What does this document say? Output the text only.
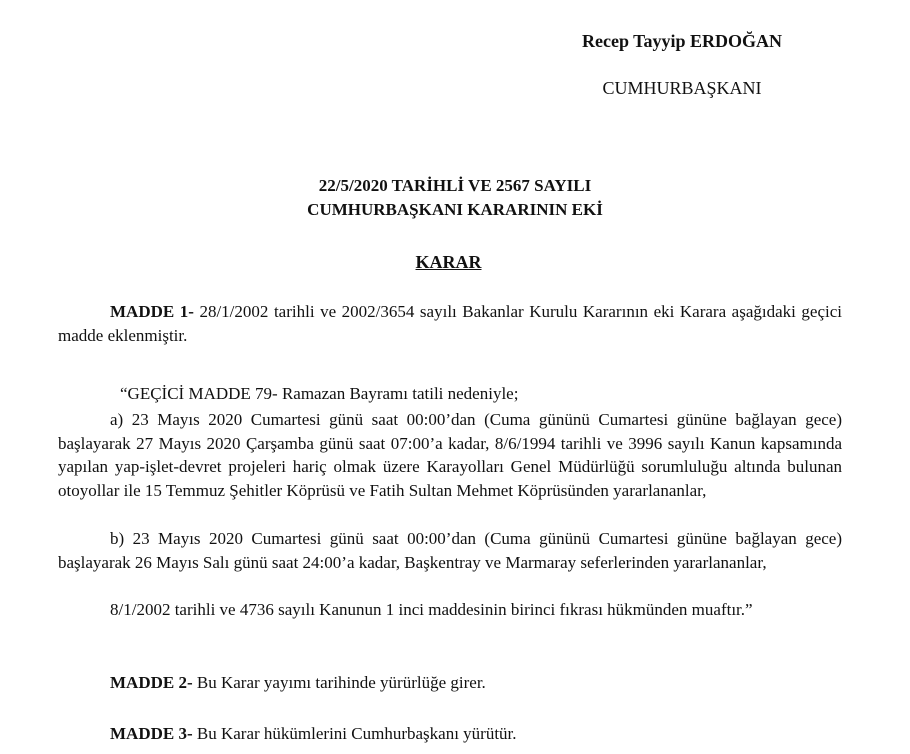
Recep Tayyip ERDOĞAN
CUMHURBAŞKANI
22/5/2020 TARİHLİ VE 2567 SAYILI
CUMHURBAŞKANI KARARININ EKİ
KARAR

MADDE 1- 28/1/2002 tarihli ve 2002/3654 sayılı Bakanlar Kurulu Kararının eki Karara aşağıdaki geçici madde eklenmiştir.

“GEÇİCİ MADDE 79- Ramazan Bayramı tatili nedeniyle;

a) 23 Mayıs 2020 Cumartesi günü saat 00:00’dan (Cuma gününü Cumartesi gününe bağlayan gece) başlayarak 27 Mayıs 2020 Çarşamba günü saat 07:00’a kadar, 8/6/1994 tarihli ve 3996 sayılı Kanun kapsamında yapılan yap-işlet-devret projeleri hariç olmak üzere Karayolları Genel Müdürlüğü sorumluluğu altında bulunan otoyollar ile 15 Temmuz Şehitler Köprüsü ve Fatih Sultan Mehmet Köprüsünden yararlananlar,

b) 23 Mayıs 2020 Cumartesi günü saat 00:00’dan (Cuma gününü Cumartesi gününe bağlayan gece) başlayarak 26 Mayıs Salı günü saat 24:00’a kadar, Başkentray ve Marmaray seferlerinden yararlananlar,

8/1/2002 tarihli ve 4736 sayılı Kanunun 1 inci maddesinin birinci fıkrası hükmünden muaftır.”

MADDE 2- Bu Karar yayımı tarihinde yürürlüğe girer.

MADDE 3- Bu Karar hükümlerini Cumhurbaşkanı yürütür.
